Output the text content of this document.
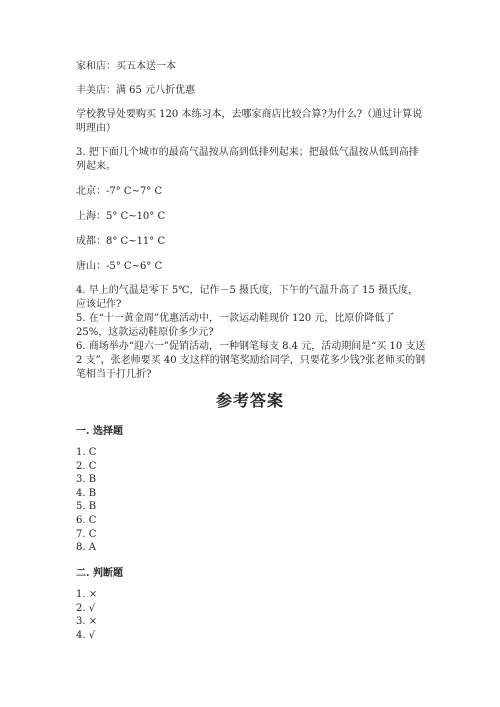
家和店：买五本送一本
丰美店：满 65 元八折优惠
学校教导处要购买 120 本练习本，去哪家商店比较合算?为什么?（通过计算说明理由）
3. 把下面几个城市的最高气温按从高到低排列起来；把最低气温按从低到高排列起来。
北京：-7° C~7° C
上海：5° C~10° C
成都：8° C~11° C
唐山：-5° C~6° C
4. 早上的气温是零下 5℃，记作－5 摄氏度，下午的气温升高了 15 摄氏度，应该记作?
5. 在“十一黄金周”优惠活动中，一款运动鞋现价 120 元，比原价降低了 25%，这款运动鞋原价多少元?
6. 商场举办“迎六一”促销活动，一种钢笔每支 8.4 元，活动期间是“买 10 支送 2 支”，张老师要买 40 支这样的钢笔奖励给同学，只要花多少钱?张老师买的钢笔相当于打几折?
参考答案
一. 选择题
1. C
2. C
3. B
4. B
5. B
6. C
7. C
8. A
二. 判断题
1. ×
2. √
3. ×
4. √
